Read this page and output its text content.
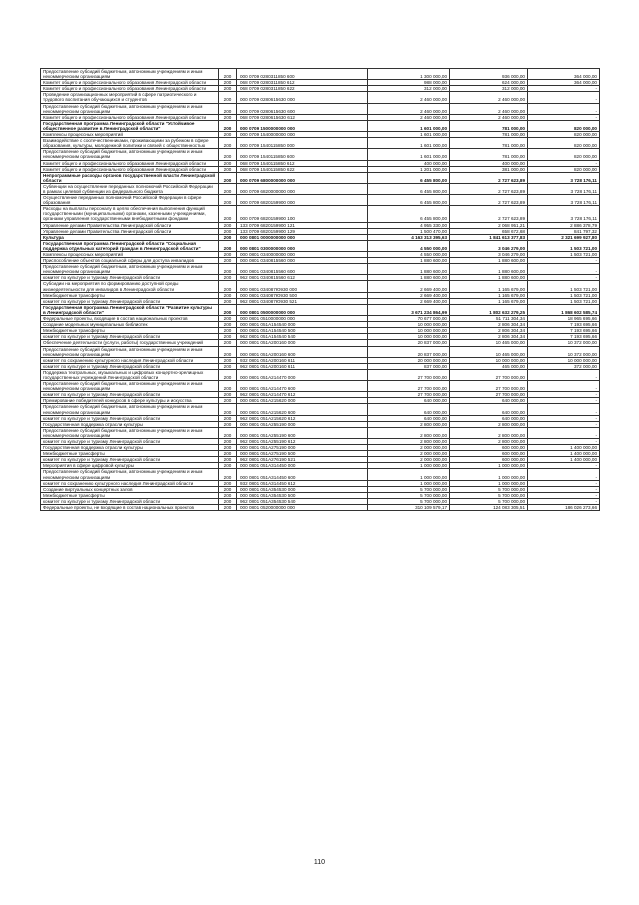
Предоставление субсидий бюджетным, автономным учреждениям и иным некоммерческим организациям	200	000 0709 0280311850 600	1 300 000,00	936 000,00	364 000,00
Комитет общего и профессионального образования Ленинградской области	200	068 0709 0280311850 612	988 000,00	624 000,00	364 000,00
Комитет общего и профессионального образования Ленинградской области	200	068 0709 0280311850 622	312 000,00	312 000,00	-
Проведение организационных мероприятий в сфере патриотического и трудового воспитания обучающихся и студентов	200	000 0709 0280615630 000	2 460 000,00	2 460 000,00	-
Предоставление субсидий бюджетным, автономным учреждениям и иным некоммерческим организациям	200	000 0709 0280615630 600	2 460 000,00	2 460 000,00	-
Комитет общего и профессионального образования Ленинградской области	200	068 0709 0280615630 612	2 460 000,00	2 460 000,00	-
Государственная программа Ленинградской области "Устойчивое общественное развитие в Ленинградской области"	200	000 0709 1500000000 000	1 601 000,00	781 000,00	820 000,00
Комплексы процессных мероприятий	200	000 0709 1540000000 000	1 601 000,00	781 000,00	820 000,00
Взаимодействие с соотечественниками, проживающими за рубежом в сфере образования, культуры, молодежной политики и связей с общественностью	200	000 0709 1540115850 000	1 601 000,00	781 000,00	820 000,00
Предоставление субсидий бюджетным, автономным учреждениям и иным некоммерческим организациям	200	000 0709 1540115850 600	1 601 000,00	781 000,00	820 000,00
Комитет общего и профессионального образования Ленинградской области	200	068 0709 1540115850 612	400 000,00	400 000,00	-
Комитет общего и профессионального образования Ленинградской области	200	068 0709 1540115850 622	1 201 000,00	381 000,00	820 000,00
Непрограммные расходы органов государственной власти Ленинградской области	200	000 0709 6800000000 000	6 455 800,00	2 727 623,89	3 728 176,11
Субвенции на осуществление переданных полномочий Российской Федерации в рамках целевой субвенции из федерального бюджета	200	000 0709 6820000000 000	6 455 800,00	2 727 623,89	3 728 176,11
Осуществление переданных полномочий Российской Федерации в сфере образования	200	000 0709 6820159900 000	6 455 800,00	2 727 623,89	3 728 176,11
Расходы на выплаты персоналу в целях обеспечения выполнения функций государственными (муниципальными) органами, казенными учреждениями, органами управления государственными внебюджетными фондами	200	000 0709 6820159900 100	6 455 800,00	2 727 623,89	3 728 176,11
Управление делами Правительства Ленинградской области	200	133 0709 6820159900 121	4 955 330,00	2 068 951,21	2 886 378,79
Управление делами Правительства Ленинградской области	200	133 0709 6820159900 129	1 500 470,00	658 672,68	841 797,32
Культура	200	000 0801 0000000000 000	4 163 313 395,63	1 841 613 377,83	2 321 699 927,80
Государственная программа Ленинградской области "Социальная поддержка отдельных категорий граждан в Ленинградской области"	200	000 0801 0300000000 000	4 550 000,00	3 046 279,00	1 503 721,00
Комплексы процессных мероприятий	200	000 0801 0340000000 000	4 550 000,00	3 046 279,00	1 503 721,00
Приспособление объектов социальной сферы для доступа инвалидов	200	000 0801 0340815560 000	1 880 600,00	1 880 600,00	-
Предоставление субсидий бюджетным, автономным учреждениям и иным некоммерческим организациям	200	000 0801 0340815560 600	1 880 600,00	1 880 600,00	-
комитет по культуре и туризму Ленинградской области	200	962 0801 0340815560 612	1 880 600,00	1 880 600,00	-
Субсидии на мероприятия по формированию доступной среды жизнедеятельности для инвалидов в Ленинградской области	200	000 0801 034087Ю930 000	2 669 400,00	1 165 679,00	1 503 721,00
Межбюджетные трансферты	200	000 0801 034087Ю930 500	2 669 400,00	1 165 679,00	1 503 721,00
комитет по культуре и туризму Ленинградской области	200	962 0801 034087Ю930 521	2 669 400,00	1 165 679,00	1 503 721,00
Государственная программа Ленинградской области "Развитие культуры в Ленинградской области"	200	000 0801 0500000000 000	3 671 234 864,99	1 802 632 279,25	1 868 602 585,74
Федеральные проекты, входящие в состав национальных проектов	200	000 0801 0510000000 000	70 677 000,00	51 711 304,34	18 965 695,66
Создание модельных муниципальных библиотек	200	000 0801 051А154540 000	10 000 000,00	2 806 304,34	7 193 695,66
Межбюджетные трансферты	200	000 0801 051А154540 500	10 000 000,00	2 806 304,34	7 193 695,66
комитет по культуре и туризму Ленинградской области	200	962 0801 051А154540 540	10 000 000,00	2 806 304,34	7 193 695,66
Обеспечение деятельности (услуги, работы) государственных учреждений	200	000 0801 051А200160 000	20 837 000,00	10 465 000,00	10 372 000,00
Предоставление субсидий бюджетным, автономным учреждениям и иным некоммерческим организациям	200	000 0801 051А200160 600	20 837 000,00	10 465 000,00	10 372 000,00
комитет по сохранению культурного наследия Ленинградской области	200	932 0801 051А200160 611	20 000 000,00	10 000 000,00	10 000 000,00
комитет по культуре и туризму Ленинградской области	200	962 0801 051А200160 611	837 000,00	465 000,00	372 000,00
Поддержка театральных, музыкальных и цифровых концертно-зрелищных государственных учреждений Ленинградской области	200	000 0801 051А214470 000	27 700 000,00	27 700 000,00	-
Предоставление субсидий бюджетным, автономным учреждениям и иным некоммерческим организациям	200	000 0801 051А214470 600	27 700 000,00	27 700 000,00	-
комитет по культуре и туризму Ленинградской области	200	962 0801 051А214470 612	27 700 000,00	27 700 000,00	-
Премирование победителей конкурсов в сфере культуры и искусства	200	000 0801 051А215620 000	640 000,00	640 000,00	-
Предоставление субсидий бюджетным, автономным учреждениям и иным некоммерческим организациям	200	000 0801 051А215620 600	640 000,00	640 000,00	-
комитет по культуре и туризму Ленинградской области	200	962 0801 051А215620 612	640 000,00	640 000,00	-
Государственная поддержка отрасли культуры	200	000 0801 051А255190 000	2 800 000,00	2 800 000,00	-
Предоставление субсидий бюджетным, автономным учреждениям и иным некоммерческим организациям	200	000 0801 051А255190 600	2 800 000,00	2 800 000,00	-
комитет по культуре и туризму Ленинградской области	200	962 0801 051А255190 612	2 800 000,00	2 800 000,00	-
Государственная поддержка отрасли культуры	200	000 0801 051А275190 000	2 000 000,00	600 000,00	1 400 000,00
Межбюджетные трансферты	200	000 0801 051А275190 500	2 000 000,00	600 000,00	1 400 000,00
комитет по культуре и туризму Ленинградской области	200	962 0801 051А276190 521	2 000 000,00	600 000,00	1 400 000,00
Мероприятия в сфере цифровой культуры	200	000 0801 051А314450 000	1 000 000,00	1 000 000,00	-
Предоставление субсидий бюджетным, автономным учреждениям и иным некоммерческим организациям	200	000 0801 051А314450 600	1 000 000,00	1 000 000,00	-
комитет по сохранению культурного наследия Ленинградской области	200	932 0801 051А314450 612	1 000 000,00	1 000 000,00	-
Создание виртуальных концертных залов	200	000 0801 051А354530 000	5 700 000,00	5 700 000,00	-
Межбюджетные трансферты	200	000 0801 051А354530 500	5 700 000,00	5 700 000,00	-
комитет по культуре и туризму Ленинградской области	200	962 0801 051А354530 540	5 700 000,00	5 700 000,00	-
Федеральные проекты, не входящие в состав национальных проектов	200	000 0801 0520000000 000	310 109 579,17	124 083 305,51	186 026 273,66
110
